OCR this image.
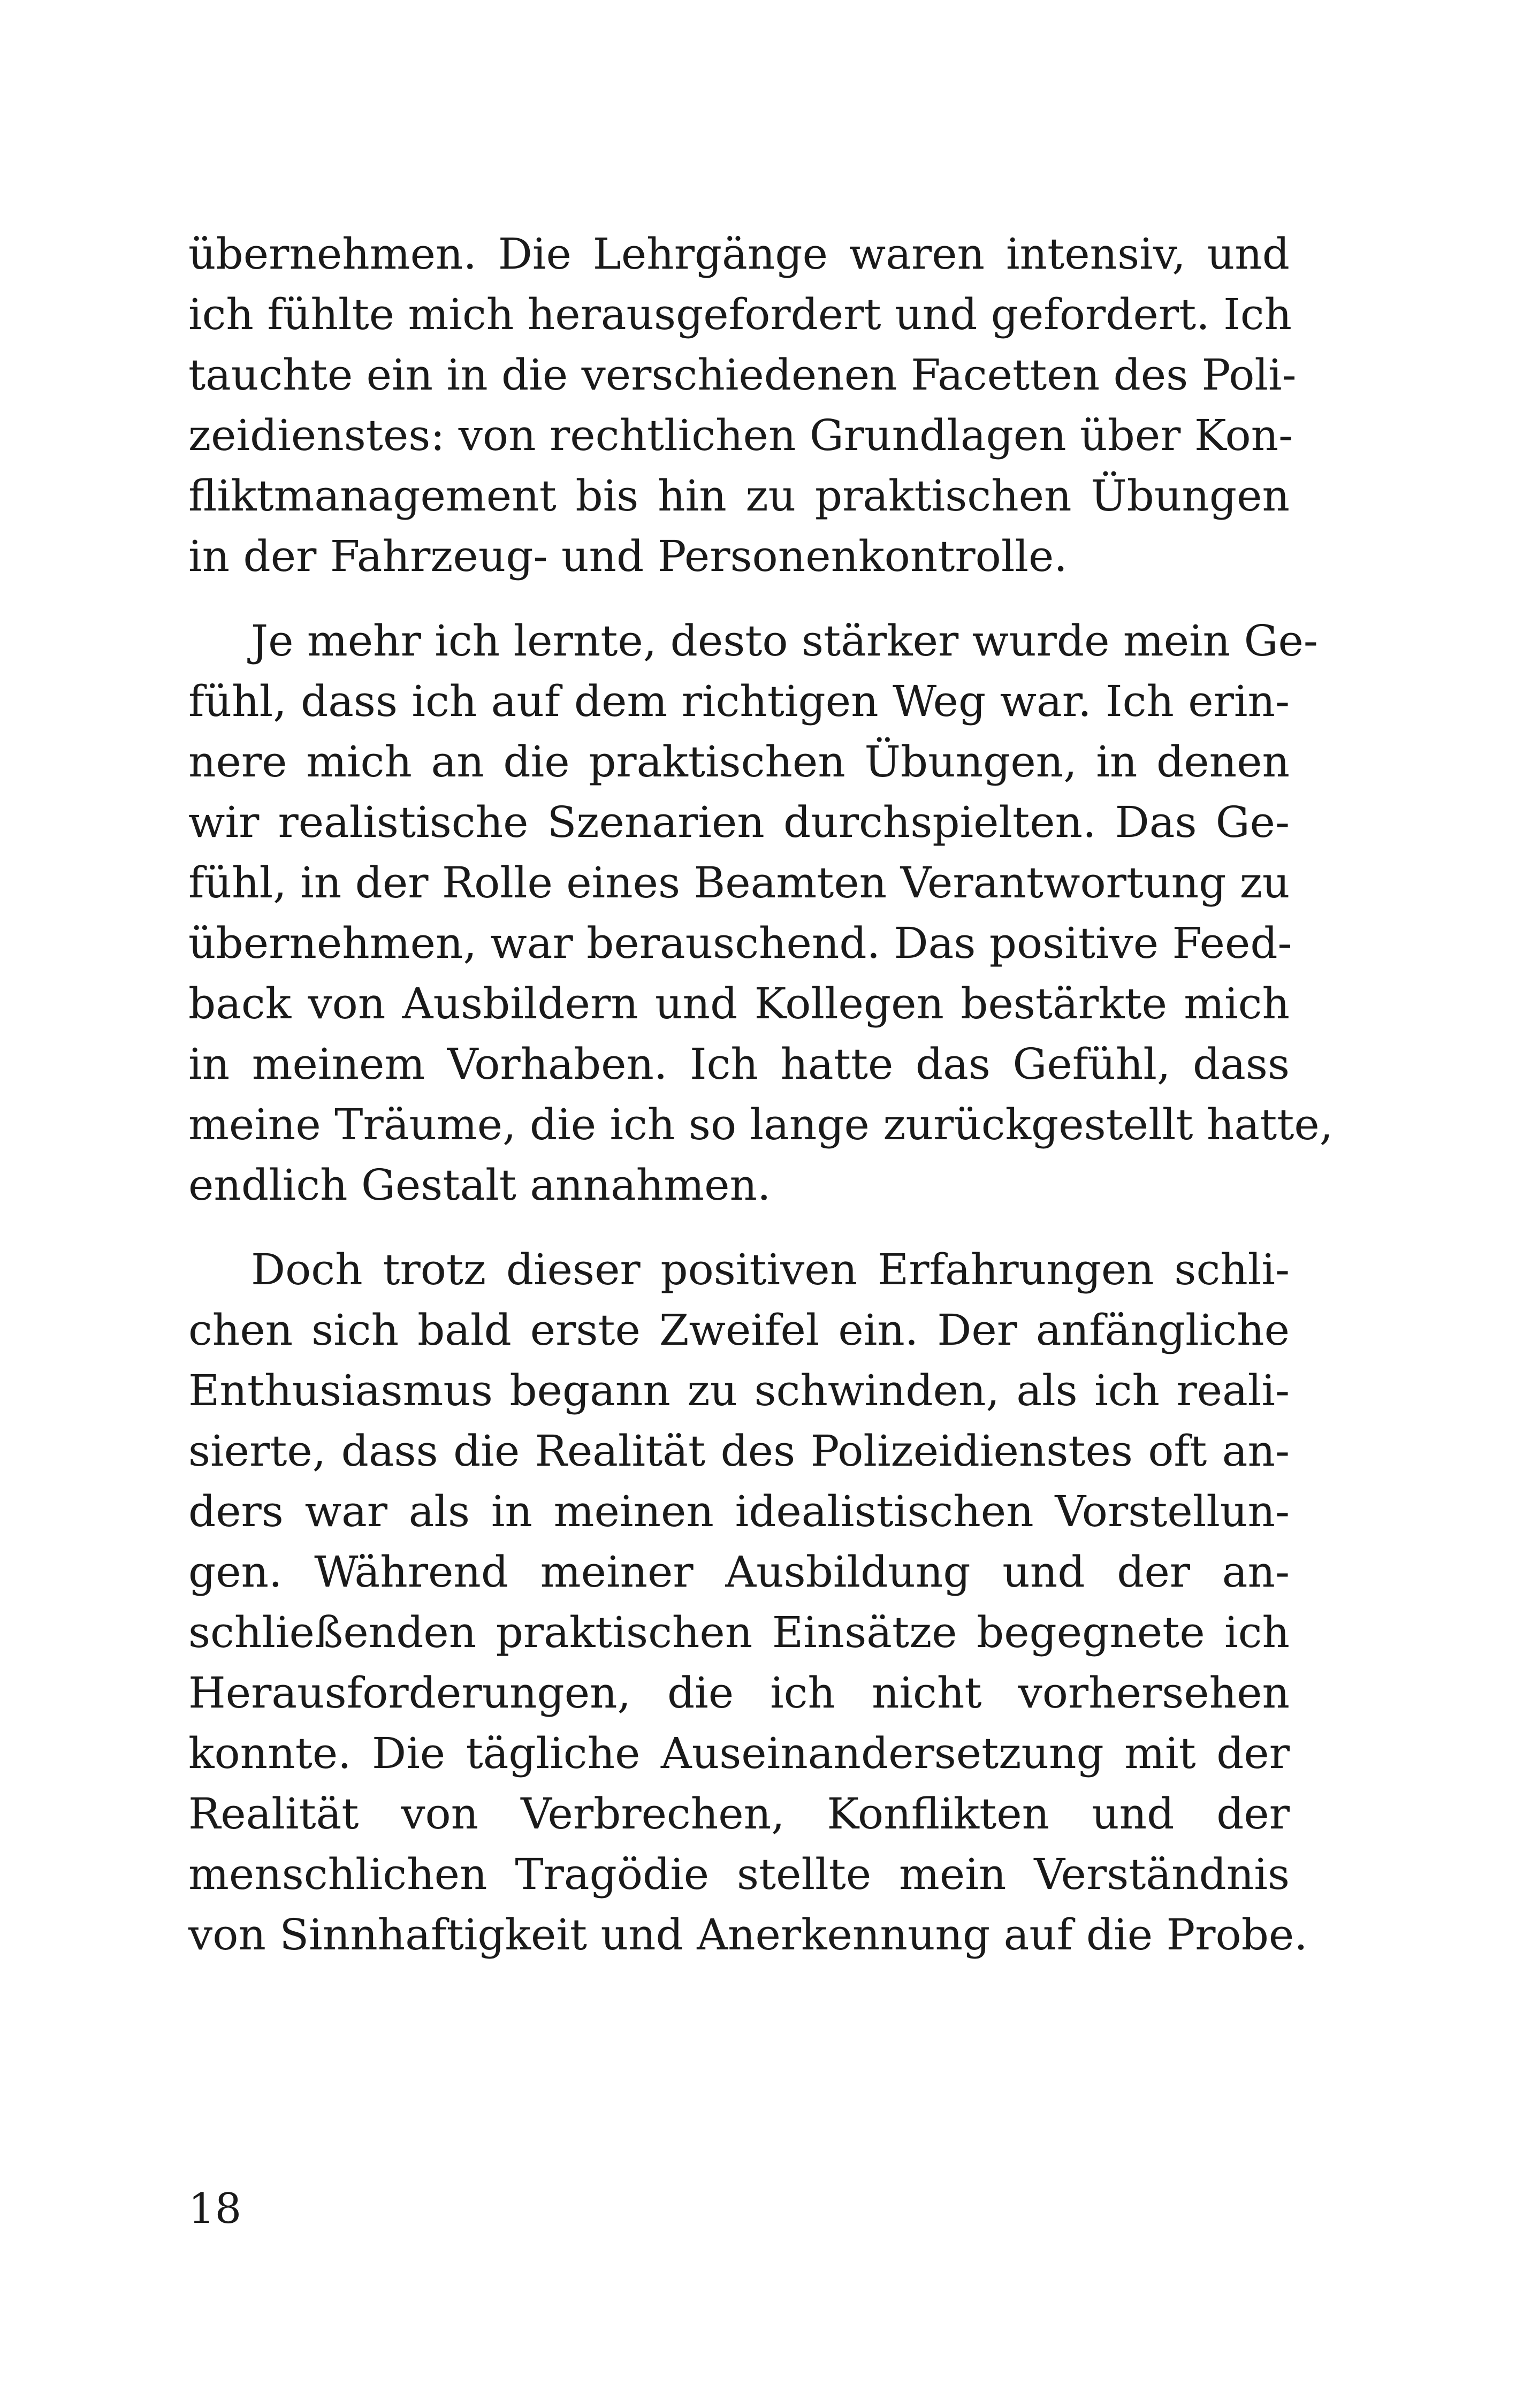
übernehmen. Die Lehrgänge waren intensiv, und
ich fühlte mich herausgefordert und gefordert. Ich
tauchte ein in die verschiedenen Facetten des Poli-
zeidienstes: von rechtlichen Grundlagen über Kon-
fliktmanagement bis hin zu praktischen Übungen
in der Fahrzeug- und Personenkontrolle.

Je mehr ich lernte, desto stärker wurde mein Ge-
fühl, dass ich auf dem richtigen Weg war. Ich erin-
nere mich an die praktischen Übungen, in denen
wir realistische Szenarien durchspielten. Das Ge-
fühl, in der Rolle eines Beamten Verantwortung zu
übernehmen, war berauschend. Das positive Feed-
back von Ausbildern und Kollegen bestärkte mich
in meinem Vorhaben. Ich hatte das Gefühl, dass
meine Träume, die ich so lange zurückgestellt hatte,
endlich Gestalt annahmen.

Doch trotz dieser positiven Erfahrungen schli-
chen sich bald erste Zweifel ein. Der anfängliche
Enthusiasmus begann zu schwinden, als ich reali-
sierte, dass die Realität des Polizeidienstes oft an-
ders war als in meinen idealistischen Vorstellun-
gen. Während meiner Ausbildung und der an-
schließenden praktischen Einsätze begegnete ich
Herausforderungen, die ich nicht vorhersehen
konnte. Die tägliche Auseinandersetzung mit der
Realität von Verbrechen, Konflikten und der
menschlichen Tragödie stellte mein Verständnis
von Sinnhaftigkeit und Anerkennung auf die Probe.

18
